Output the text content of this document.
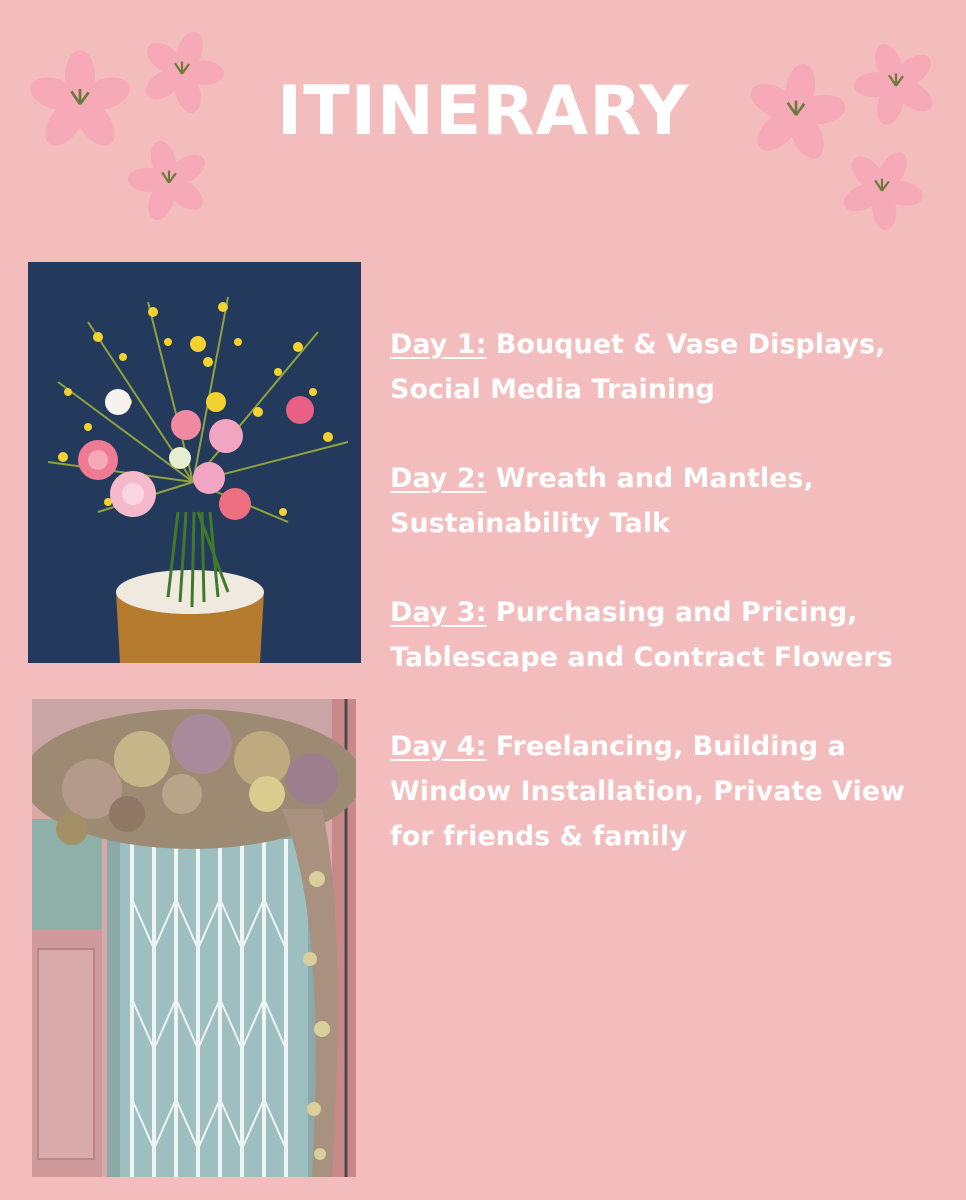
ITINERARY

Day 1: Bouquet & Vase Displays, Social Media Training

Day 2: Wreath and Mantles, Sustainability Talk

Day 3: Purchasing and Pricing, Tablescape and Contract Flowers

Day 4: Freelancing, Building a Window Installation, Private View for friends & family
